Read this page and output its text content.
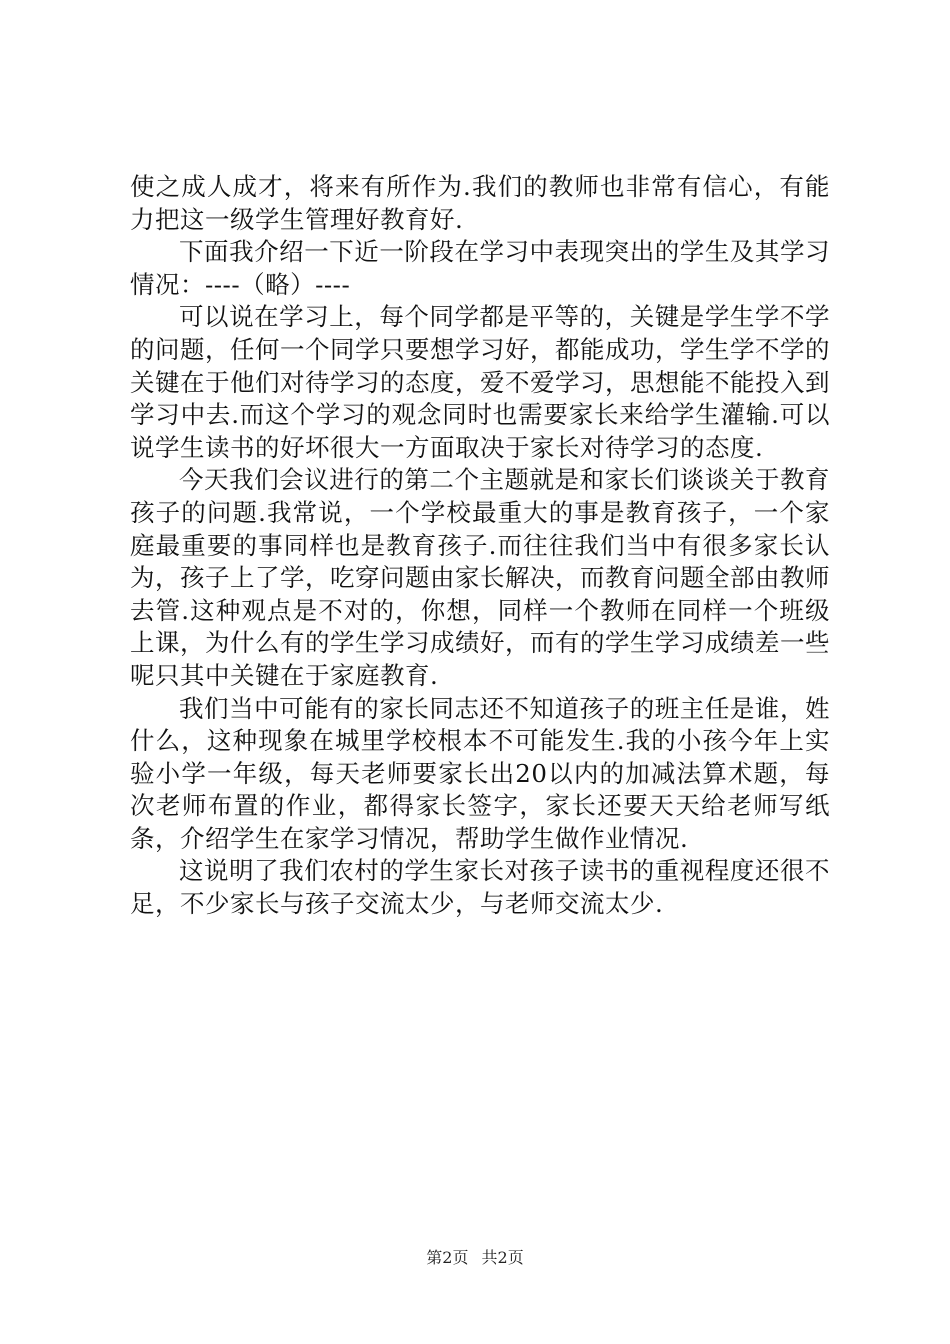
使之成人成才，将来有所作为.我们的教师也非常有信心，有能力把这一级学生管理好教育好.

下面我介绍一下近一阶段在学习中表现突出的学生及其学习情况：----（略）----

可以说在学习上，每个同学都是平等的，关键是学生学不学的问题，任何一个同学只要想学习好，都能成功，学生学不学的关键在于他们对待学习的态度，爱不爱学习，思想能不能投入到学习中去.而这个学习的观念同时也需要家长来给学生灌输.可以说学生读书的好坏很大一方面取决于家长对待学习的态度.

今天我们会议进行的第二个主题就是和家长们谈谈关于教育孩子的问题.我常说，一个学校最重大的事是教育孩子，一个家庭最重要的事同样也是教育孩子.而往往我们当中有很多家长认为，孩子上了学，吃穿问题由家长解决，而教育问题全部由教师去管.这种观点是不对的，你想，同样一个教师在同样一个班级上课，为什么有的学生学习成绩好，而有的学生学习成绩差一些呢只其中关键在于家庭教育.

我们当中可能有的家长同志还不知道孩子的班主任是谁，姓什么，这种现象在城里学校根本不可能发生.我的小孩今年上实验小学一年级，每天老师要家长出20以内的加减法算术题，每次老师布置的作业，都得家长签字，家长还要天天给老师写纸条，介绍学生在家学习情况，帮助学生做作业情况.

这说明了我们农村的学生家长对孩子读书的重视程度还很不足，不少家长与孩子交流太少，与老师交流太少.

第2页 共2页
